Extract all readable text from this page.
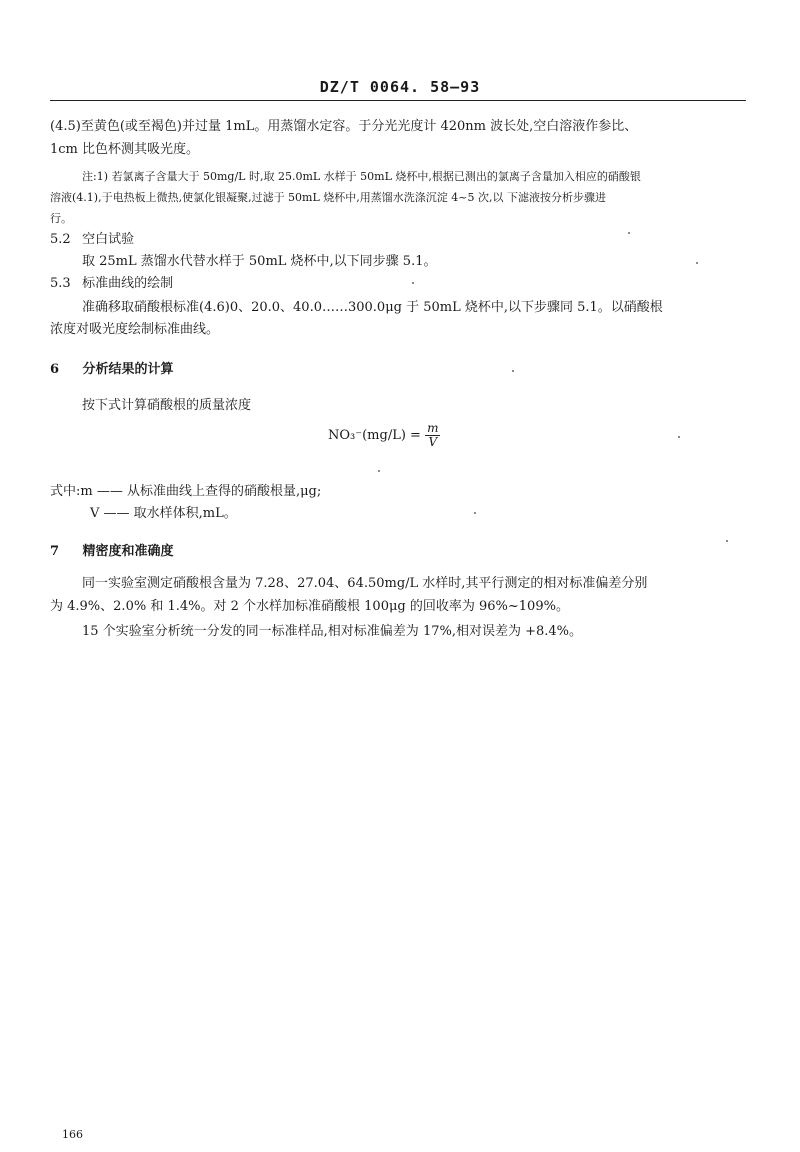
DZ/T 0064. 58—93
(4.5)至黄色(或至褐色)并过量 1mL。用蒸馏水定容。于分光光度计 420nm 波长处,空白溶液作参比、
1cm 比色杯测其吸光度。
注:1) 若氯离子含量大于 50mg/L 时,取 25.0mL 水样于 50mL 烧杯中,根据已测出的氯离子含量加入相应的硝酸银
溶液(4.1),于电热板上微热,使氯化银凝聚,过滤于 50mL 烧杯中,用蒸馏水洗涤沉淀 4~5 次,以 下滤液按分析步骤进
行。
5.2 空白试验
取 25mL 蒸馏水代替水样于 50mL 烧杯中,以下同步骤 5.1。
5.3 标准曲线的绘制
准确移取硝酸根标准(4.6)0、20.0、40.0……300.0μg 于 50mL 烧杯中,以下步骤同 5.1。以硝酸根
浓度对吸光度绘制标准曲线。
6 分析结果的计算
按下式计算硝酸根的质量浓度
$NO_3^-(mg/L) = \frac{m}{V}$
式中:m —— 从标准曲线上查得的硝酸根量,μg;
V —— 取水样体积,mL。
7 精密度和准确度
同一实验室测定硝酸根含量为 7.28、27.04、64.50mg/L 水样时,其平行测定的相对标准偏差分别
为 4.9%、2.0% 和 1.4%。对 2 个水样加标准硝酸根 100μg 的回收率为 96%~109%。
15 个实验室分析统一分发的同一标准样品,相对标准偏差为 17%,相对误差为 +8.4%。
166
